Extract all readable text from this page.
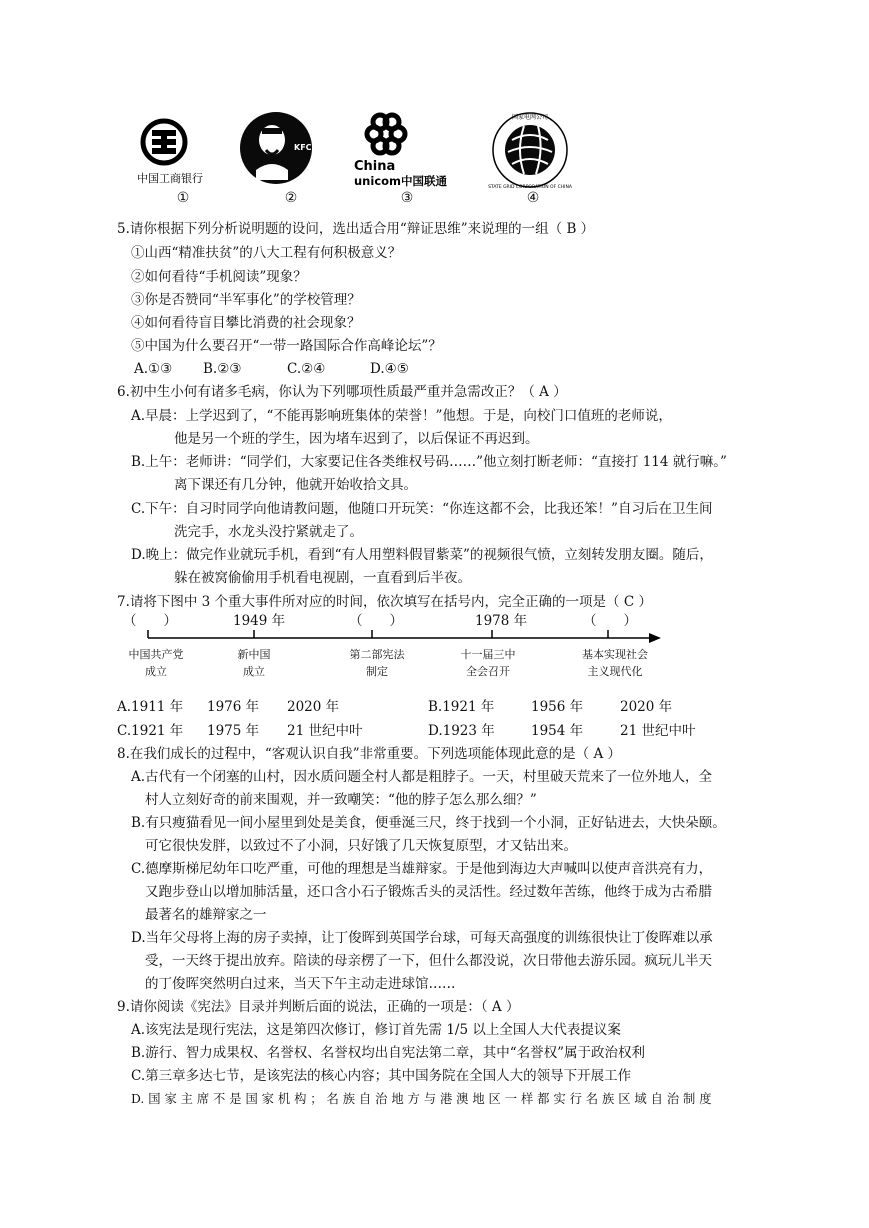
中国工商银行
①
KFC
②
China
unicom中国联通
③
国家电网公司
STATE GRID CORPORATION OF CHINA
④
5.请你根据下列分析说明题的设问，选出适合用“辩证思维”来说理的一组（ B ）
①山西“精准扶贫”的八大工程有何积极意义？
②如何看待“手机阅读”现象？
③你是否赞同“半军事化”的学校管理？
④如何看待盲目攀比消费的社会现象？
⑤中国为什么要召开“一带一路国际合作高峰论坛”？
A.①③ B.②③	C.②④	D.④⑤
6.初中生小何有诸多毛病，你认为下列哪项性质最严重并急需改正？（ A ）
A.早晨：上学迟到了，“不能再影响班集体的荣誉！”他想。于是，向校门口值班的老师说，
他是另一个班的学生，因为堵车迟到了，以后保证不再迟到。
B.上午：老师讲：“同学们，大家要记住各类维权号码……”他立刻打断老师：“直接打 114 就行嘛。”
离下课还有几分钟，他就开始收拾文具。
C.下午：自习时同学向他请教问题，他随口开玩笑：“你连这都不会，比我还笨！”自习后在卫生间
洗完手，水龙头没拧紧就走了。
D.晚上：做完作业就玩手机，看到“有人用塑料假冒紫菜”的视频很气愤，立刻转发朋友圈。随后，
躲在被窝偷偷用手机看电视剧，一直看到后半夜。
7.请将下图中 3 个重大事件所对应的时间，依次填写在括号内，完全正确的一项是（ C ）
（　　）	1949 年	（　　）	1978 年	（　　）
中国共产党
成立
新中国
成立
第二部宪法
制定
十一届三中
全会召开
基本实现社会
主义现代化
A.1911 年 1976 年 2020 年	B.1921 年	1956 年	2020 年
C.1921 年 1975 年 21 世纪中叶	D.1923 年	1954 年	21 世纪中叶
8.在我们成长的过程中，“客观认识自我”非常重要。下列选项能体现此意的是（ A ）
A.古代有一个闭塞的山村，因水质问题全村人都是粗脖子。一天，村里破天荒来了一位外地人，全
村人立刻好奇的前来围观，并一致嘲笑：“他的脖子怎么那么细？”
B.有只瘦猫看见一间小屋里到处是美食，便垂涎三尺，终于找到一个小洞，正好钻进去，大快朵颐。
可它很快发胖，以致过不了小洞，只好饿了几天恢复原型，才又钻出来。
C.德摩斯梯尼幼年口吃严重，可他的理想是当雄辩家。于是他到海边大声喊叫以使声音洪亮有力，
又跑步登山以增加肺活量，还口含小石子锻炼舌头的灵活性。经过数年苦练，他终于成为古希腊
最著名的雄辩家之一
D.当年父母将上海的房子卖掉，让丁俊晖到英国学台球，可每天高强度的训练很快让丁俊晖难以承
受，一天终于提出放弃。陪读的母亲楞了一下，但什么都没说，次日带他去游乐园。疯玩儿半天
的丁俊晖突然明白过来，当天下午主动走进球馆……
9.请你阅读《宪法》目录并判断后面的说法，正确的一项是：（ A ）
A.该宪法是现行宪法，这是第四次修订，修订首先需 1/5 以上全国人大代表提议案
B.游行、智力成果权、名誉权、名誉权均出自宪法第二章，其中“名誉权”属于政治权利
C.第三章多达七节，是该宪法的核心内容；其中国务院在全国人大的领导下开展工作
D. 国 家 主 席 不 是 国 家 机 构 ； 名 族 自 治 地 方 与 港 澳 地 区 一 样 都 实 行 名 族 区 域 自 治 制 度
